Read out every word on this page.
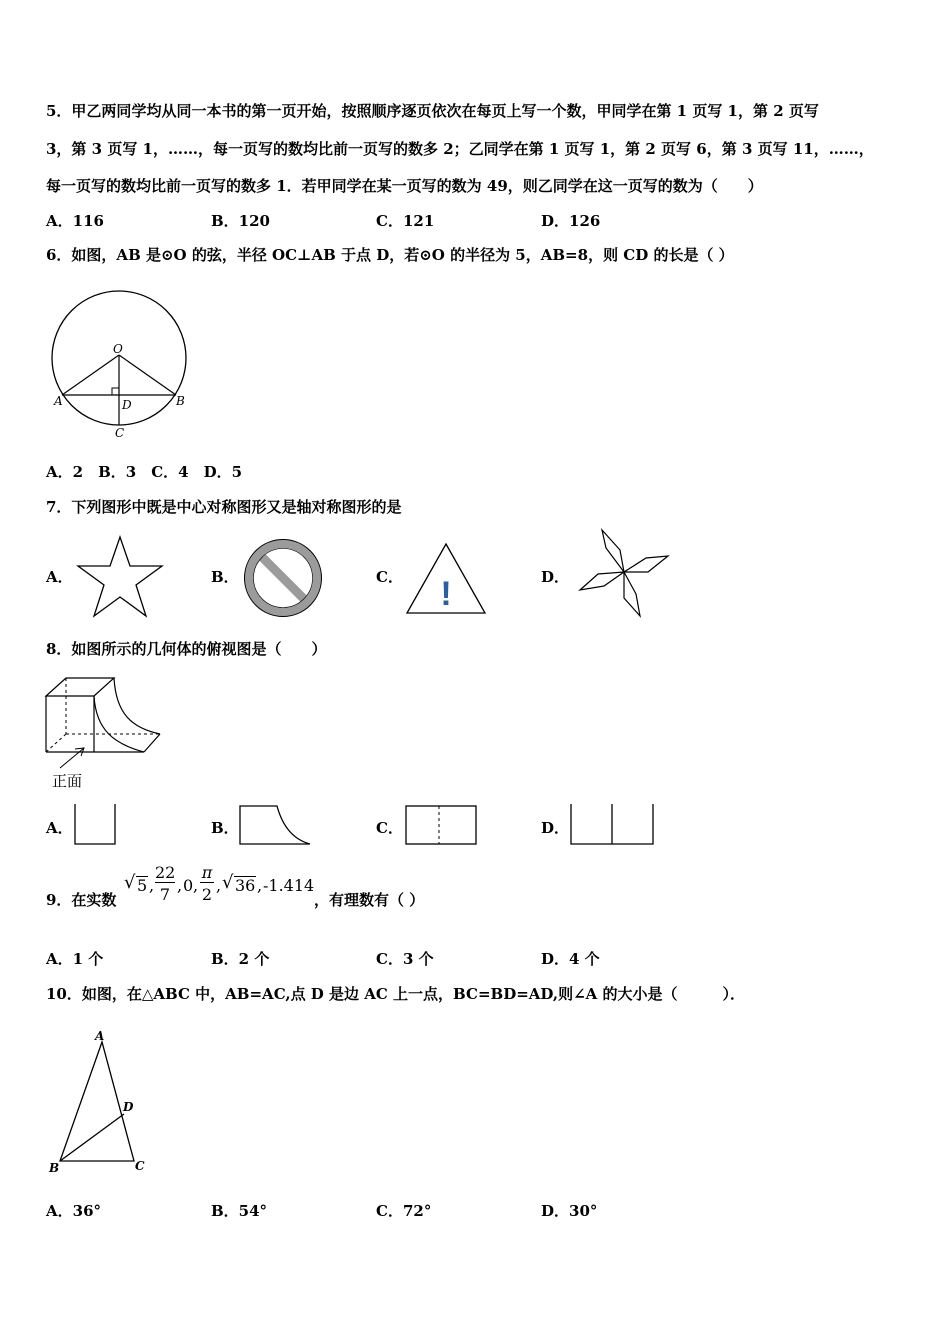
5．甲乙两同学均从同一本书的第一页开始，按照顺序逐页依次在每页上写一个数，甲同学在第 1 页写 1，第 2 页写
3，第 3 页写 1，……，每一页写的数均比前一页写的数多 2；乙同学在第 1 页写 1，第 2 页写 6，第 3 页写 11，……，
每一页写的数均比前一页写的数多 1．若甲同学在某一页写的数为 49，则乙同学在这一页写的数为（　　）
A．116	B．120	C．121	D．126
6．如图，AB 是⊙O 的弦，半径 OC⊥AB 于点 D，若⊙O 的半径为 5，AB=8，则 CD 的长是（ ）
O
A	B
D
C
A．2　B．3　C．4　D．5
7．下列图形中既是中心对称图形又是轴对称图形的是
A．	B．	C． !	D．
8．如图所示的几何体的俯视图是（　　）
正面
A．	B．	C．	D．
9．在实数
√ 5 ,
22
7 , 0 ,
π
2 , √ 36 , -1.414
，有理数有（ ）
A．1 个	B．2 个	C．3 个	D．4 个
10．如图，在△ABC 中，AB=AC,点 D 是边 AC 上一点，BC=BD=AD,则∠A 的大小是（　　　）．
A
B	C
D
A．36°	B．54°	C．72°	D．30°
